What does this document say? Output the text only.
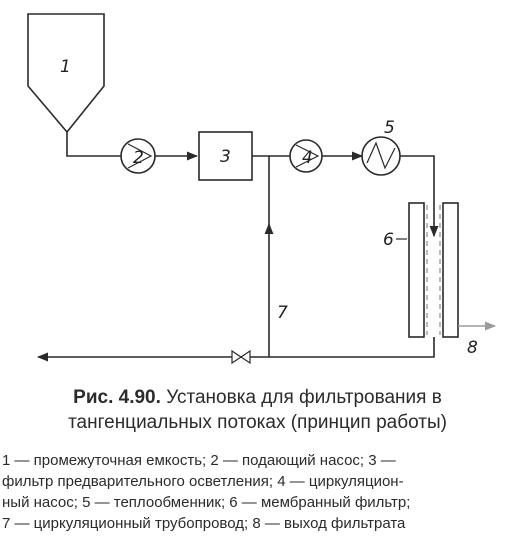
1
2	3	4
5
6
8
7
Рис. 4.90. Установка для фильтрования в
тангенциальных потоках (принцип работы)
1 — промежуточная емкость; 2 — подающий насос; 3 —
фильтр предварительного осветления; 4 — циркуляцион-
ный насос; 5 — теплообменник; 6 — мембранный фильтр;
7 — циркуляционный трубопровод; 8 — выход фильтрата
